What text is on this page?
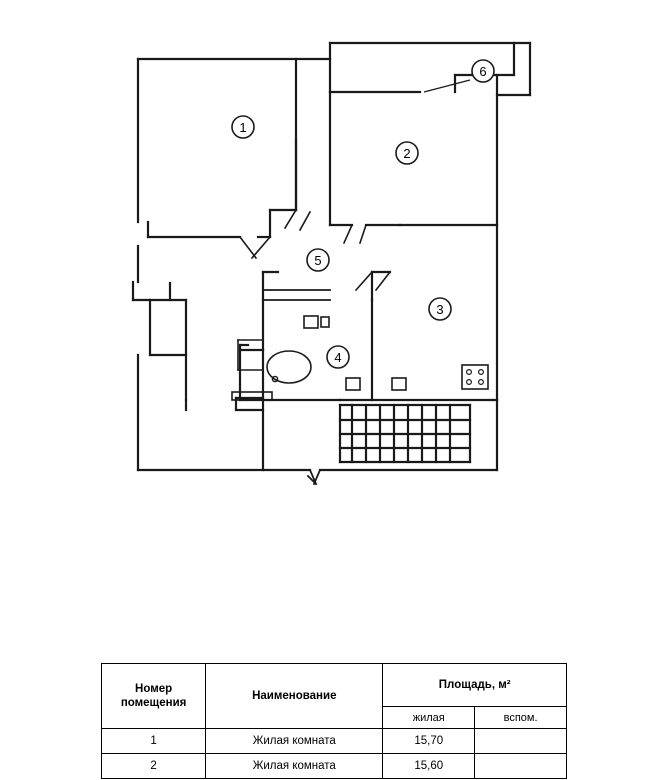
1
2
3
4
5
6
Номер
помещения	Наименование	Площадь, м²	
		жилая	вспом.
1	Жилая комната	15,70	
2	Жилая комната	15,60	
